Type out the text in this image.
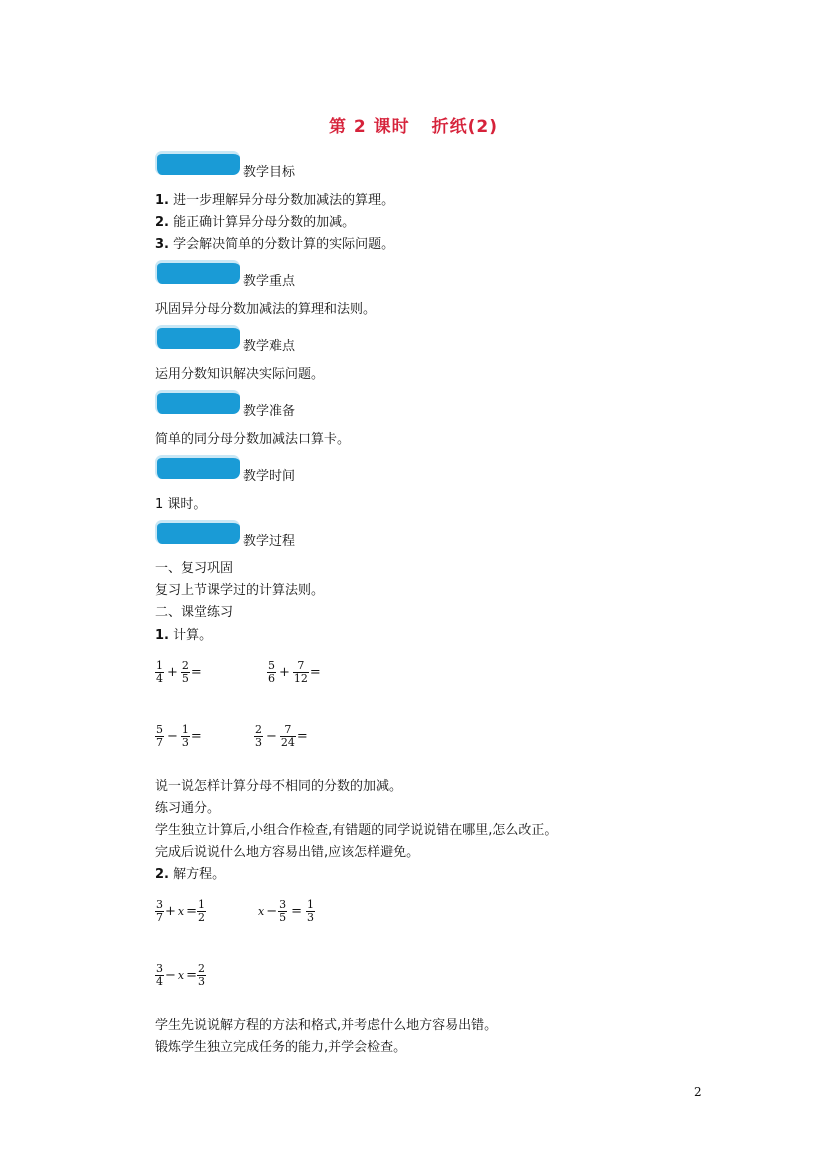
第 2 课时 折纸(2)
教学目标
1. 进一步理解异分母分数加减法的算理。
2. 能正确计算异分母分数的加减。
3. 学会解决简单的分数计算的实际问题。
教学重点
巩固异分母分数加减法的算理和法则。
教学难点
运用分数知识解决实际问题。
教学准备
简单的同分母分数加减法口算卡。
教学时间
1 课时。
教学过程
一、复习巩固
复习上节课学过的计算法则。
二、课堂练习
1. 计算。
$\frac{1}{4} + \frac{2}{5}$ =	$\frac{5}{6} + \frac{7}{12}$ =
$\frac{5}{7} - \frac{1}{3}$ =	$\frac{2}{3} - \frac{7}{24}$ =
说一说怎样计算分母不相同的分数的加减。
练习通分。
学生独立计算后,小组合作检查,有错题的同学说说错在哪里,怎么改正。
完成后说说什么地方容易出错,应该怎样避免。
2. 解方程。
$\frac{3}{7} + x = \frac{1}{2}$	$x - \frac{3}{5} = \frac{1}{3}$
$\frac{3}{4} - x = \frac{2}{3}$
学生先说说解方程的方法和格式,并考虑什么地方容易出错。
锻炼学生独立完成任务的能力,并学会检查。
2
